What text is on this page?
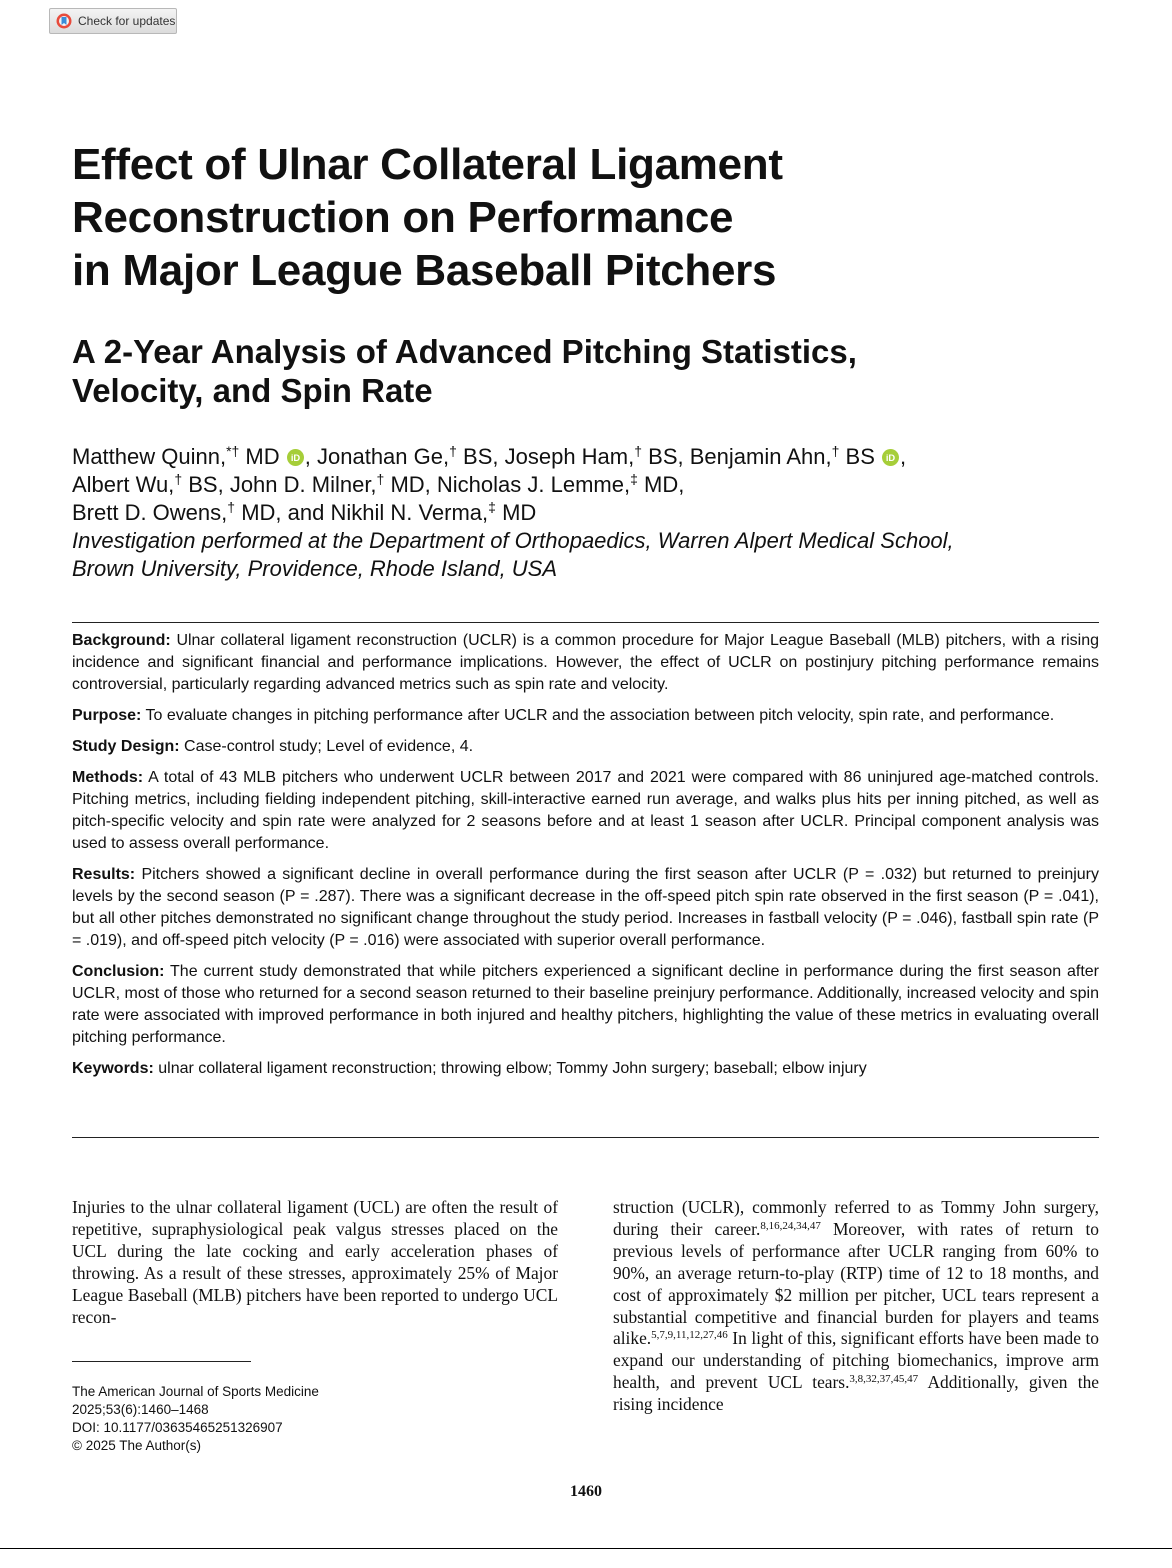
Check for updates
Effect of Ulnar Collateral Ligament
Reconstruction on Performance
in Major League Baseball Pitchers
A 2-Year Analysis of Advanced Pitching Statistics,
Velocity, and Spin Rate
Matthew Quinn,*† MD iD , Jonathan Ge,† BS, Joseph Ham,† BS, Benjamin Ahn,† BS iD ,
Albert Wu,† BS, John D. Milner,† MD, Nicholas J. Lemme,‡ MD,
Brett D. Owens,† MD, and Nikhil N. Verma,‡ MD
Investigation performed at the Department of Orthopaedics, Warren Alpert Medical School,
Brown University, Providence, Rhode Island, USA

Background: Ulnar collateral ligament reconstruction (UCLR) is a common procedure for Major League Baseball (MLB) pitchers, with a rising incidence and significant financial and performance implications. However, the effect of UCLR on postinjury pitching performance remains controversial, particularly regarding advanced metrics such as spin rate and velocity.

Purpose: To evaluate changes in pitching performance after UCLR and the association between pitch velocity, spin rate, and performance.

Study Design: Case-control study; Level of evidence, 4.

Methods: A total of 43 MLB pitchers who underwent UCLR between 2017 and 2021 were compared with 86 uninjured age-matched controls. Pitching metrics, including fielding independent pitching, skill-interactive earned run average, and walks plus hits per inning pitched, as well as pitch-specific velocity and spin rate were analyzed for 2 seasons before and at least 1 season after UCLR. Principal component analysis was used to assess overall performance.

Results: Pitchers showed a significant decline in overall performance during the first season after UCLR (P = .032) but returned to preinjury levels by the second season (P = .287). There was a significant decrease in the off-speed pitch spin rate observed in the first season (P = .041), but all other pitches demonstrated no significant change throughout the study period. Increases in fastball velocity (P = .046), fastball spin rate (P = .019), and off-speed pitch velocity (P = .016) were associated with superior overall performance.

Conclusion: The current study demonstrated that while pitchers experienced a significant decline in performance during the first season after UCLR, most of those who returned for a second season returned to their baseline preinjury performance. Additionally, increased velocity and spin rate were associated with improved performance in both injured and healthy pitchers, highlighting the value of these metrics in evaluating overall pitching performance.

Keywords: ulnar collateral ligament reconstruction; throwing elbow; Tommy John surgery; baseball; elbow injury

Injuries to the ulnar collateral ligament (UCL) are often the result of repetitive, supraphysiological peak valgus stresses placed on the UCL during the late cocking and early acceleration phases of throwing. As a result of these stresses, approximately 25% of Major League Baseball (MLB) pitchers have been reported to undergo UCL recon-

struction (UCLR), commonly referred to as Tommy John surgery, during their career.$^{8,16,24,34,47}$ Moreover, with rates of return to previous levels of performance after UCLR ranging from 60% to 90%, an average return-to-play (RTP) time of 12 to 18 months, and cost of approximately $2 million per pitcher, UCL tears represent a substantial competitive and financial burden for players and teams alike.$^{5,7,9,11,12,27,46}$ In light of this, significant efforts have been made to expand our understanding of pitching biomechanics, improve arm health, and prevent UCL tears.$^{3,8,32,37,45,47}$ Additionally, given the rising incidence

The American Journal of Sports Medicine
2025;53(6):1460–1468
DOI: 10.1177/03635465251326907
© 2025 The Author(s)
1460
